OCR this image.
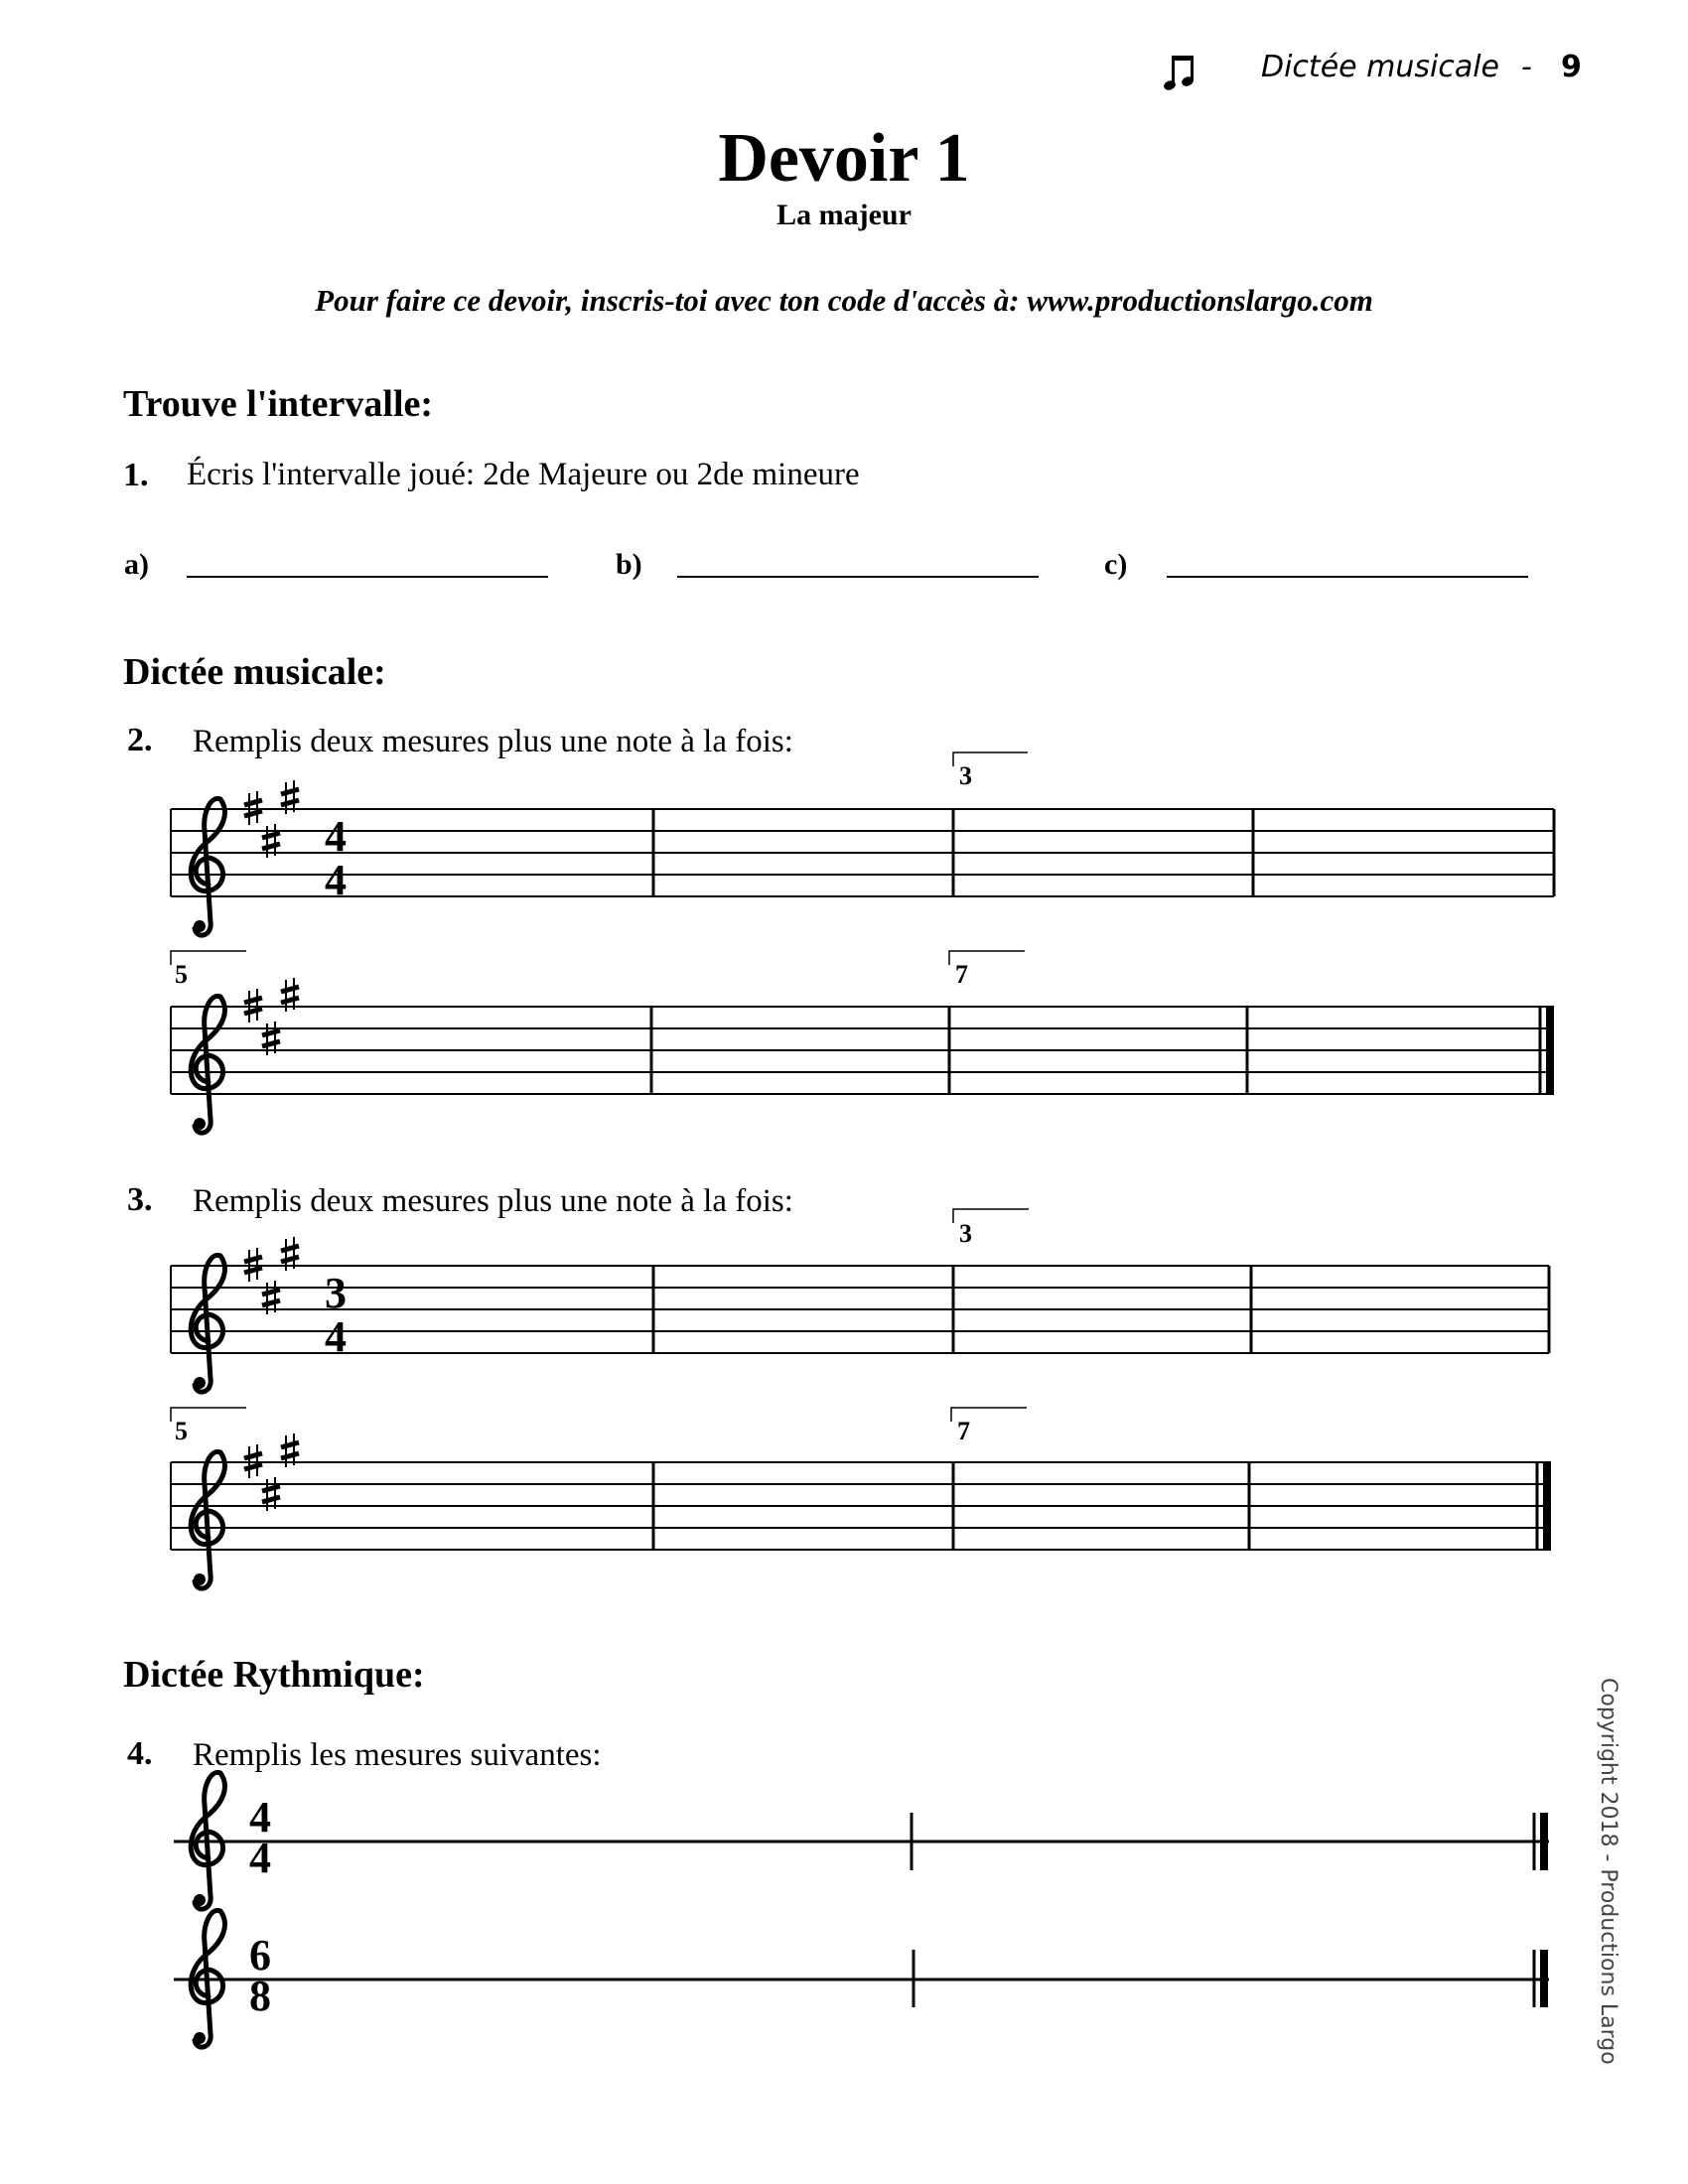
Dictée musicale - 9
Devoir 1
La majeur
Pour faire ce devoir, inscris-toi avec ton code d'accès à: www.productionslargo.com
Trouve l'intervalle:
1. Écris l'intervalle joué: 2de Majeure ou 2de mineure
a)	b)	c)
Dictée musicale:
2. Remplis deux mesures plus une note à la fois:
3. Remplis deux mesures plus une note à la fois:
Dictée Rythmique:
4. Remplis les mesures suivantes:
4
4
3
5	7
3
4
3
5	7
4
4
6
8	Copyright 2018 - Productions Largo
